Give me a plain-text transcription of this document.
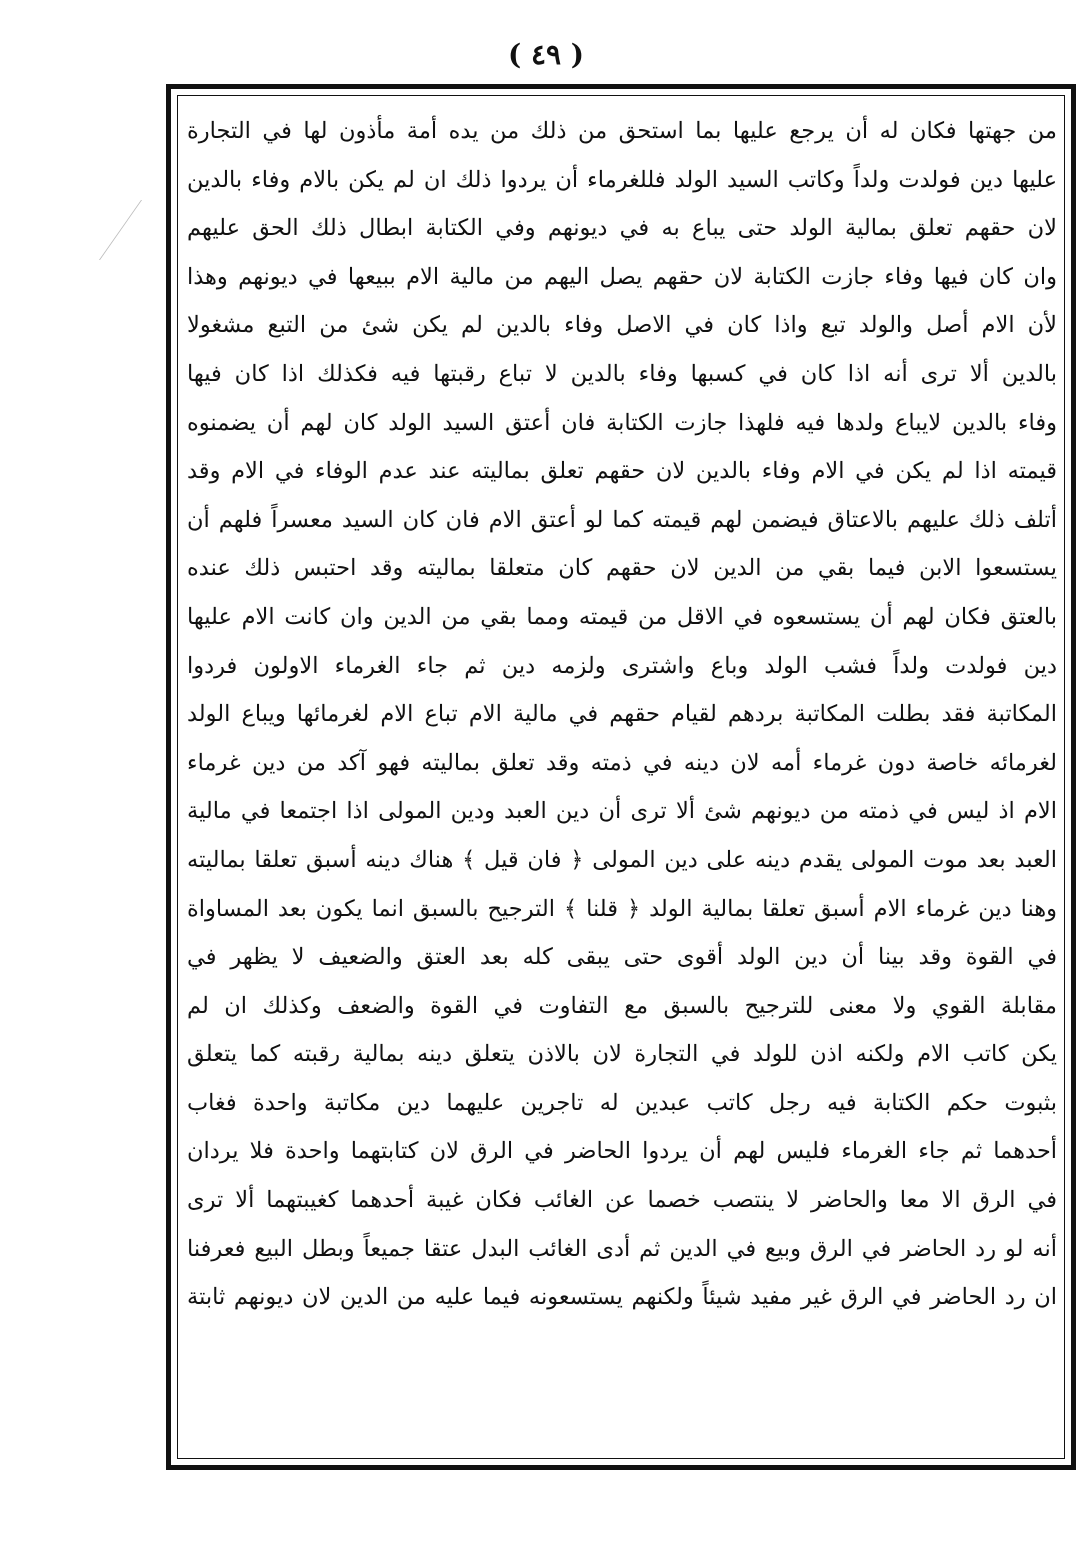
( ٤٩ )
من جهتها فكان له أن يرجع عليها بما استحق من ذلك من يده أمة مأذون لها في التجارة
عليها دين فولدت ولداً وكاتب السيد الولد فللغرماء أن يردوا ذلك ان لم يكن بالام وفاء بالدين
لان حقهم تعلق بمالية الولد حتى يباع به في ديونهم وفي الكتابة ابطال ذلك الحق عليهم
وان كان فيها وفاء جازت الكتابة لان حقهم يصل اليهم من مالية الام ببيعها في ديونهم وهذا
لأن الام أصل والولد تبع واذا كان في الاصل وفاء بالدين لم يكن شئ من التبع مشغولا
بالدين ألا ترى أنه اذا كان في كسبها وفاء بالدين لا تباع رقبتها فيه فكذلك اذا كان فيها
وفاء بالدين لايباع ولدها فيه فلهذا جازت الكتابة فان أعتق السيد الولد كان لهم أن يضمنوه
قيمته اذا لم يكن في الام وفاء بالدين لان حقهم تعلق بماليته عند عدم الوفاء في الام وقد
أتلف ذلك عليهم بالاعتاق فيضمن لهم قيمته كما لو أعتق الام فان كان السيد معسراً فلهم أن
يستسعوا الابن فيما بقي من الدين لان حقهم كان متعلقا بماليته وقد احتبس ذلك عنده
بالعتق فكان لهم أن يستسعوه في الاقل من قيمته ومما بقي من الدين وان كانت الام عليها
دين فولدت ولداً فشب الولد وباع واشترى ولزمه دين ثم جاء الغرماء الاولون فردوا
المكاتبة فقد بطلت المكاتبة بردهم لقيام حقهم في مالية الام تباع الام لغرمائها ويباع الولد
لغرمائه خاصة دون غرماء أمه لان دينه في ذمته وقد تعلق بماليته فهو آكد من دين غرماء
الام اذ ليس في ذمته من ديونهم شئ ألا ترى أن دين العبد ودين المولى اذا اجتمعا في مالية
العبد بعد موت المولى يقدم دينه على دين المولى ﴿ فان قيل ﴾ هناك دينه أسبق تعلقا بماليته
وهنا دين غرماء الام أسبق تعلقا بمالية الولد ﴿ قلنا ﴾ الترجيح بالسبق انما يكون بعد المساواة
في القوة وقد بينا أن دين الولد أقوى حتى يبقى كله بعد العتق والضعيف لا يظهر في
مقابلة القوي ولا معنى للترجيح بالسبق مع التفاوت في القوة والضعف وكذلك ان لم
يكن كاتب الام ولكنه اذن للولد في التجارة لان بالاذن يتعلق دينه بمالية رقبته كما يتعلق
بثبوت حكم الكتابة فيه رجل كاتب عبدين له تاجرين عليهما دين مكاتبة واحدة فغاب
أحدهما ثم جاء الغرماء فليس لهم أن يردوا الحاضر في الرق لان كتابتهما واحدة فلا يردان
في الرق الا معا والحاضر لا ينتصب خصما عن الغائب فكان غيبة أحدهما كغيبتهما ألا ترى
أنه لو رد الحاضر في الرق وبيع في الدين ثم أدى الغائب البدل عتقا جميعاً وبطل البيع فعرفنا
ان رد الحاضر في الرق غير مفيد شيئاً ولكنهم يستسعونه فيما عليه من الدين لان ديونهم ثابتة
